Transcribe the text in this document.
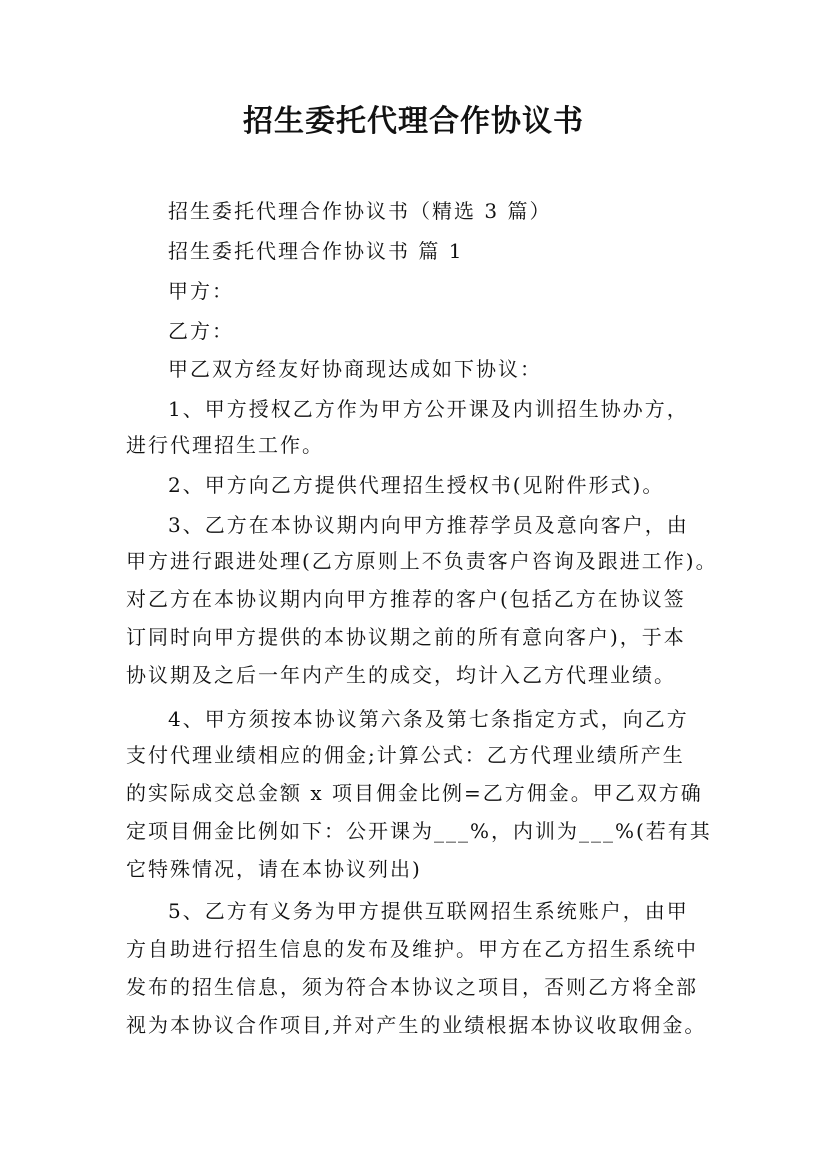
招生委托代理合作协议书
招生委托代理合作协议书（精选 3 篇）
招生委托代理合作协议书 篇 1
甲方：
乙方：
甲乙双方经友好协商现达成如下协议：
1、甲方授权乙方作为甲方公开课及内训招生协办方，
进行代理招生工作。
2、甲方向乙方提供代理招生授权书(见附件形式)。
3、乙方在本协议期内向甲方推荐学员及意向客户，由
甲方进行跟进处理(乙方原则上不负责客户咨询及跟进工作)。
对乙方在本协议期内向甲方推荐的客户(包括乙方在协议签
订同时向甲方提供的本协议期之前的所有意向客户)，于本
协议期及之后一年内产生的成交，均计入乙方代理业绩。
4、甲方须按本协议第六条及第七条指定方式，向乙方
支付代理业绩相应的佣金;计算公式：乙方代理业绩所产生
的实际成交总金额 x 项目佣金比例=乙方佣金。甲乙双方确
定项目佣金比例如下：公开课为___%，内训为___%(若有其
它特殊情况，请在本协议列出)
5、乙方有义务为甲方提供互联网招生系统账户，由甲
方自助进行招生信息的发布及维护。甲方在乙方招生系统中
发布的招生信息，须为符合本协议之项目，否则乙方将全部
视为本协议合作项目,并对产生的业绩根据本协议收取佣金。
